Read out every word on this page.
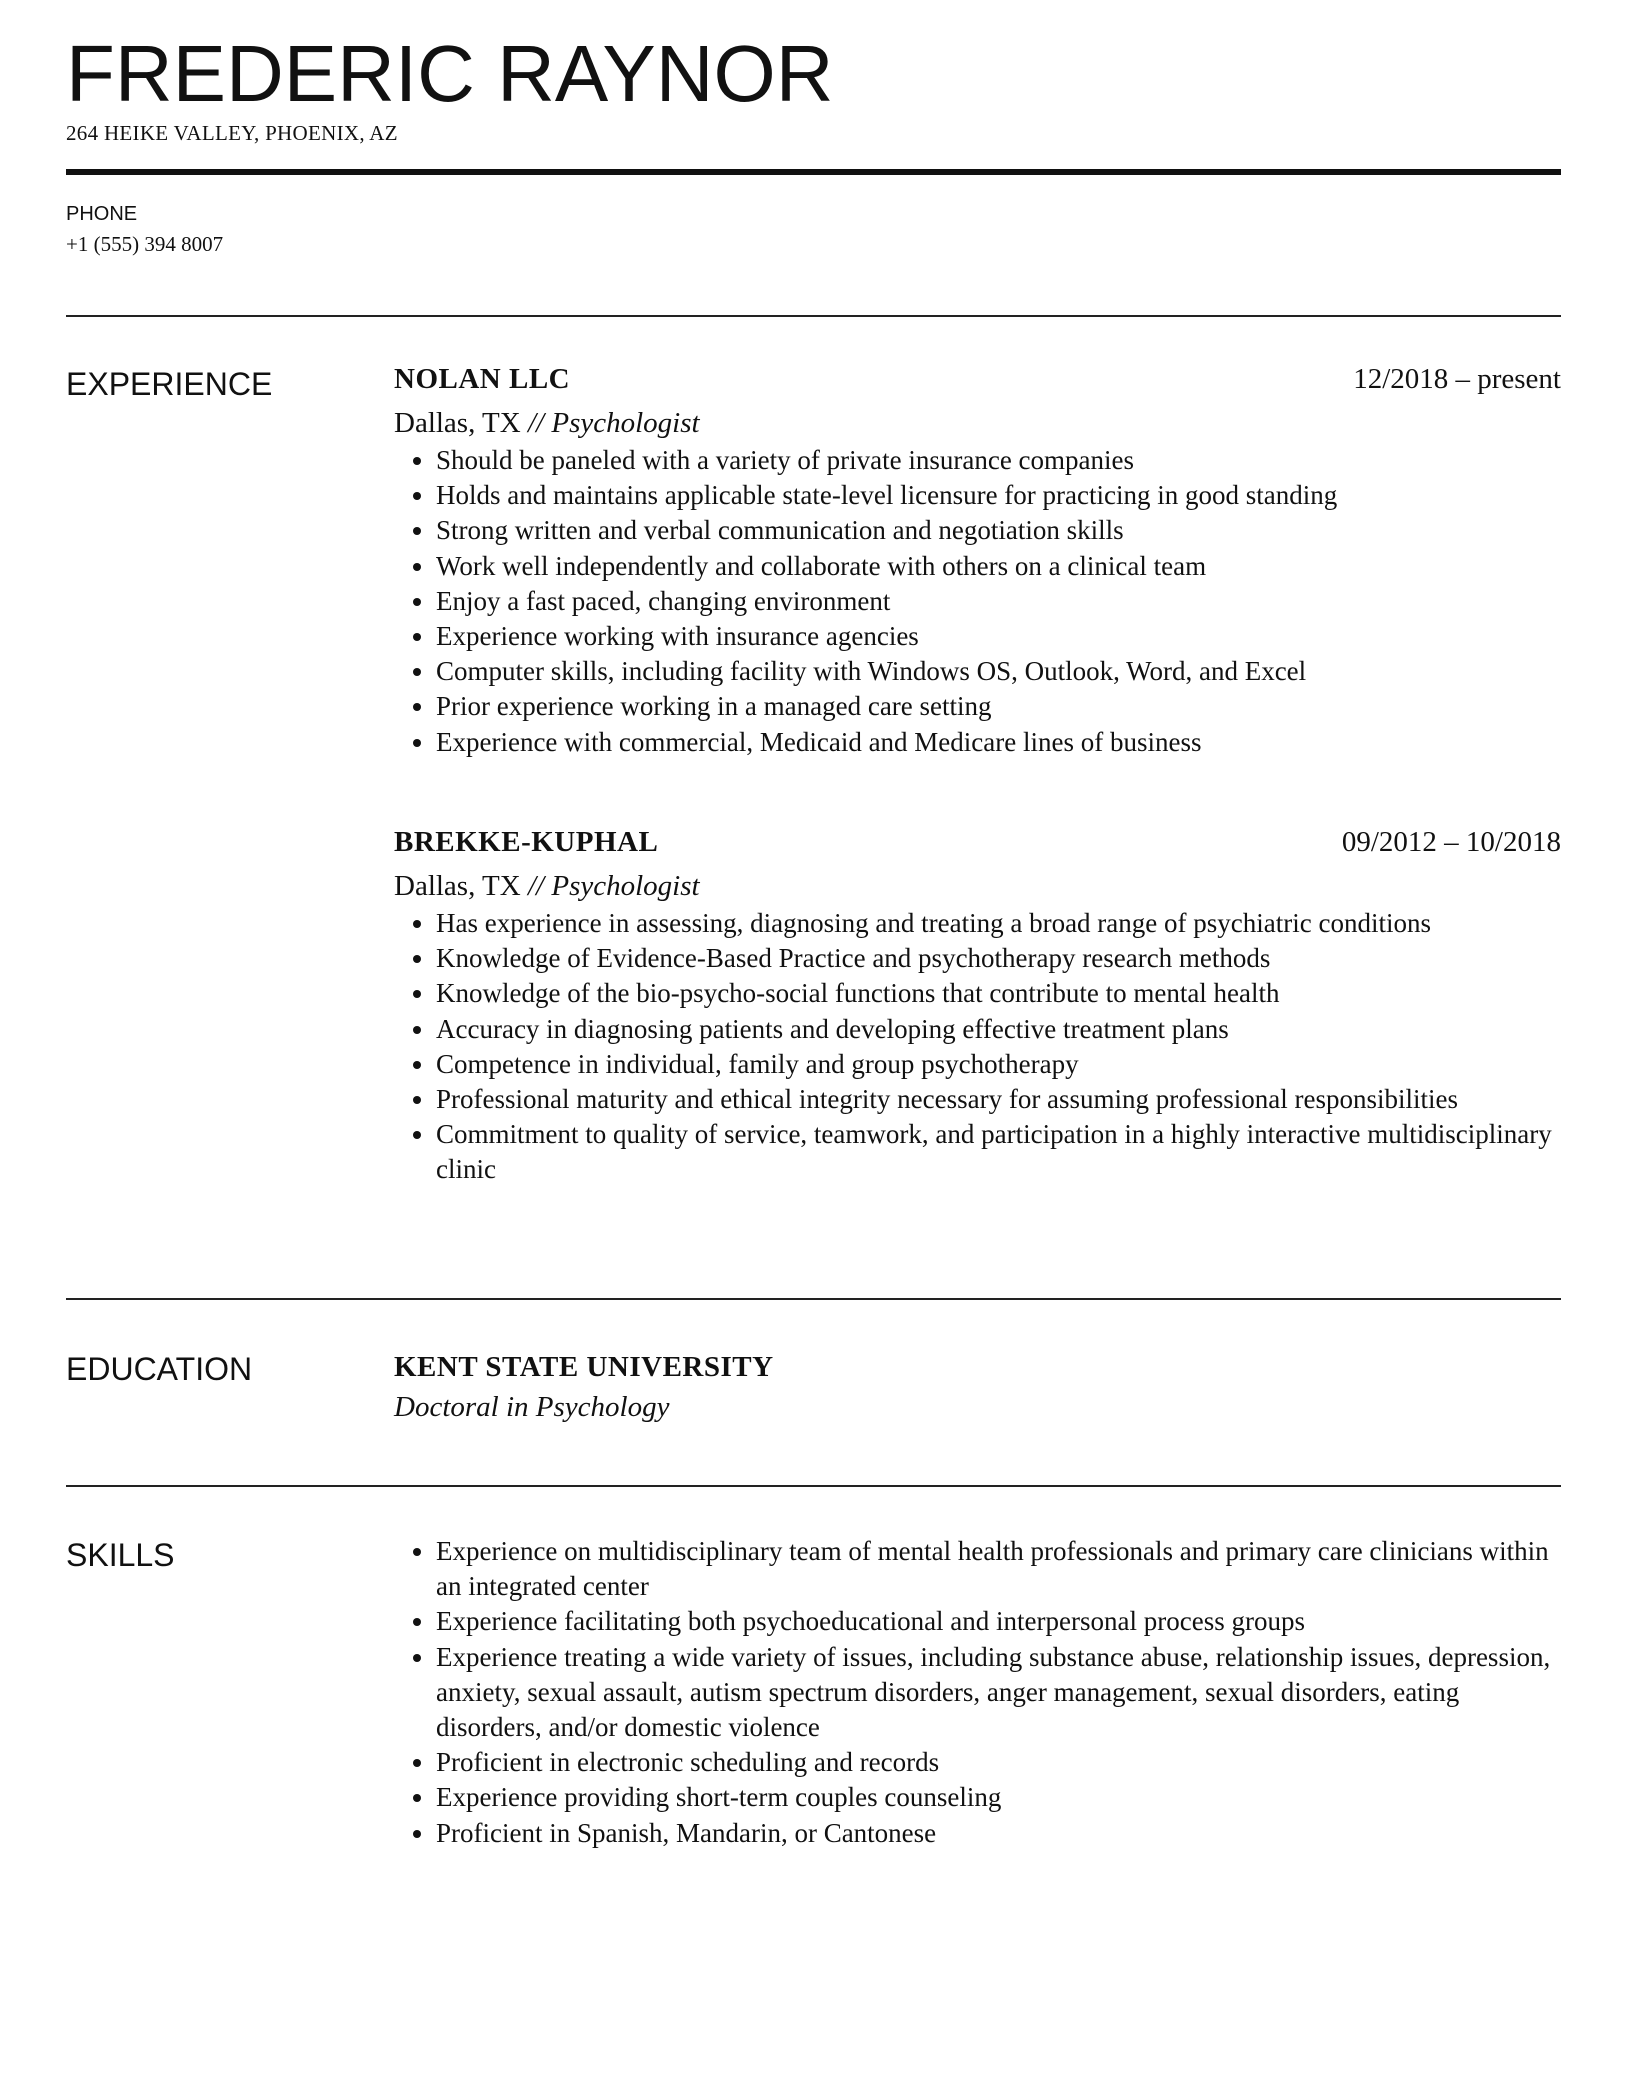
FREDERIC RAYNOR
264 HEIKE VALLEY, PHOENIX, AZ
PHONE
+1 (555) 394 8007
EXPERIENCE	NOLAN LLC	12/2018 – present
Dallas, TX // Psychologist
• Should be paneled with a variety of private insurance companies
• Holds and maintains applicable state-level licensure for practicing in good standing
• Strong written and verbal communication and negotiation skills
• Work well independently and collaborate with others on a clinical team
• Enjoy a fast paced, changing environment
• Experience working with insurance agencies
• Computer skills, including facility with Windows OS, Outlook, Word, and Excel
• Prior experience working in a managed care setting
• Experience with commercial, Medicaid and Medicare lines of business
BREKKE-KUPHAL	09/2012 – 10/2018
Dallas, TX // Psychologist
• Has experience in assessing, diagnosing and treating a broad range of psychiatric conditions
• Knowledge of Evidence-Based Practice and psychotherapy research methods
• Knowledge of the bio-psycho-social functions that contribute to mental health
• Accuracy in diagnosing patients and developing effective treatment plans
• Competence in individual, family and group psychotherapy
• Professional maturity and ethical integrity necessary for assuming professional responsibilities
• Commitment to quality of service, teamwork, and participation in a highly interactive multidisciplinary clinic
EDUCATION	KENT STATE UNIVERSITY
Doctoral in Psychology
SKILLS
•	Experience on multidisciplinary team of mental health professionals and primary care clinicians within an integrated center
• Experience facilitating both psychoeducational and interpersonal process groups
• Experience treating a wide variety of issues, including substance abuse, relationship issues, depression, anxiety, sexual assault, autism spectrum disorders, anger management, sexual disorders, eating disorders, and/or domestic violence
• Proficient in electronic scheduling and records
• Experience providing short-term couples counseling
• Proficient in Spanish, Mandarin, or Cantonese
